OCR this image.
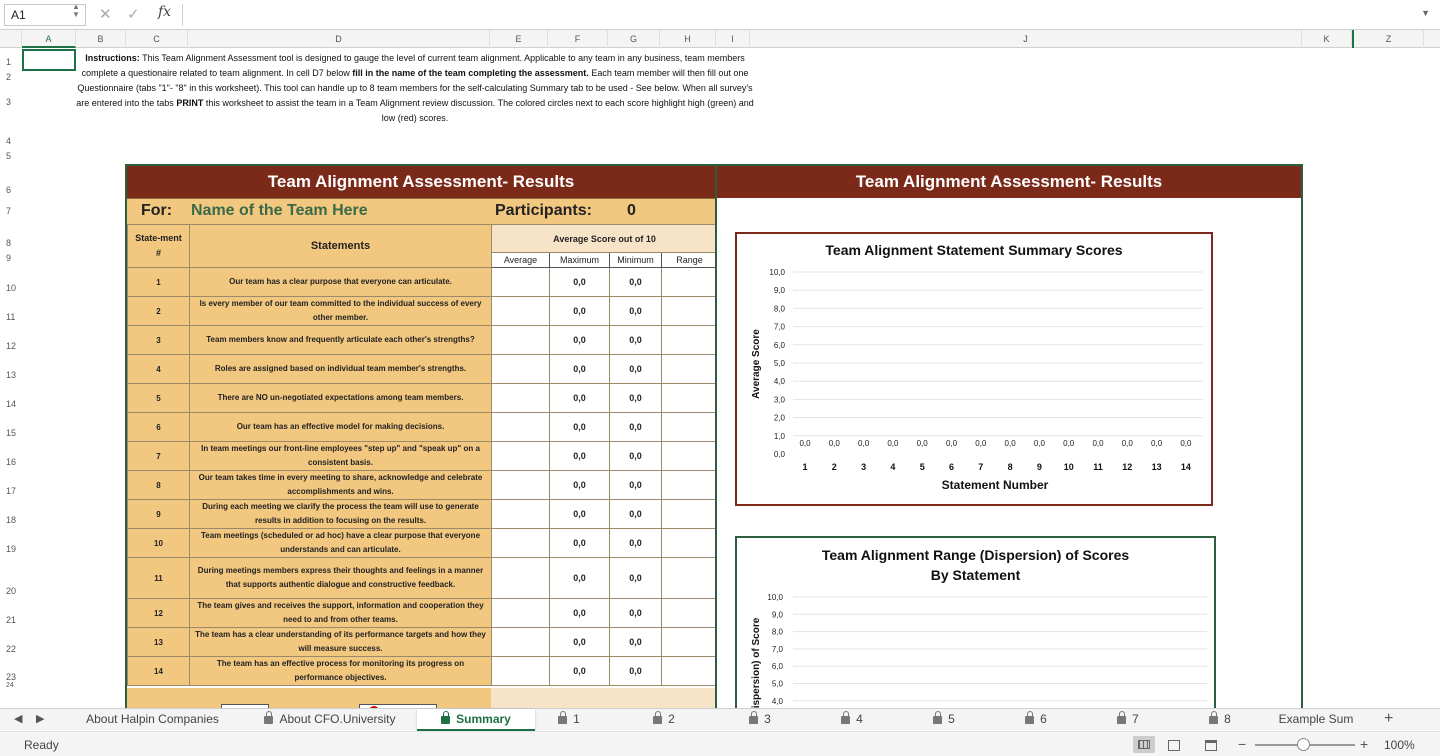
A1
▲
▼ ✕ ✓ fx	▼
A	B	C	D	E	F	G	H	I	J	K	Z
1
2
3
4
5
6
7
8
9
10
11
12
13
14
15
16
17
18
19
20
21
22
23
24
Instructions: This Team Alignment Assessment tool is designed to gauge the level of current team alignment. Applicable to any team in any business, team members complete a questionaire related to team alignment. In cell D7 below fill in the name of the team completing the assessment. Each team member will then fill out one Questionnaire (tabs "1"- "8" in this worksheet). This tool can handle up to 8 team members for the self-calculating Summary tab to be used - See below. When all survey's are entered into the tabs PRINT this worksheet to assist the team in a Team Alignment review discussion. The colored circles next to each score highlight high (green) and low (red) scores.
Team Alignment Assessment- Results
For: Name of the Team Here	Participants: 0
State-ment #	Statements	Average Score out of 10			
		Average	Maximum	Minimum	Range
1	Our team has a clear purpose that everyone can articulate.		0,0	0,0	
2	Is every member of our team committed to the individual success of every other member.		0,0	0,0	
3	Team members know and frequently articulate each other's strengths?		0,0	0,0	
4	Roles are assigned based on individual team member's strengths.		0,0	0,0	
5	There are NO un-negotiated expectations among team members.		0,0	0,0	
6	Our team has an effective model for making decisions.		0,0	0,0	
7	In team meetings our front-line employees "step up" and "speak up" on a consistent basis.		0,0	0,0	
8	Our team takes time in every meeting to share, acknowledge and celebrate accomplishments and wins.		0,0	0,0	
9	During each meeting we clarify the process the team will use to generate results in addition to focusing on the results.		0,0	0,0	
10	Team meetings (scheduled or ad hoc) have a clear purpose that everyone understands and can articulate.		0,0	0,0	
11	During meetings members express their thoughts and feelings in a manner that supports authentic dialogue and constructive feedback.		0,0	0,0	
12	The team gives and receives the support, information and cooperation they need to and from other teams.		0,0	0,0	
13	The team has a clear understanding of its performance targets and how they will measure success.		0,0	0,0	
14	The team has an effective process for monitoring its progress on performance objectives.		0,0	0,0	
Team Alignment Assessment- Results
Team Alignment Statement Summary Scores
0,0
1,0
2,0
3,0
4,0
5,0
6,0
7,0
8,0
9,0
10,0
0,0
1
0,0
2
0,0
3
0,0
4
0,0
5
0,0
6
0,0
7
0,0
8
0,0
9
0,0
10
0,0
11
0,0
12
0,0
13
0,0
14
Statement Number
Average Score
Team Alignment Range (Dispersion) of Scores
By Statement
10,0
9,0
8,0
7,0
6,0
5,0
4,0
ispersion) of Score
◀ ▶	About Halpin Companies	About CFO.University	Summary	1	2	3	4	5	6	7	8	Example Sum	+
Ready	−	+ 100%
